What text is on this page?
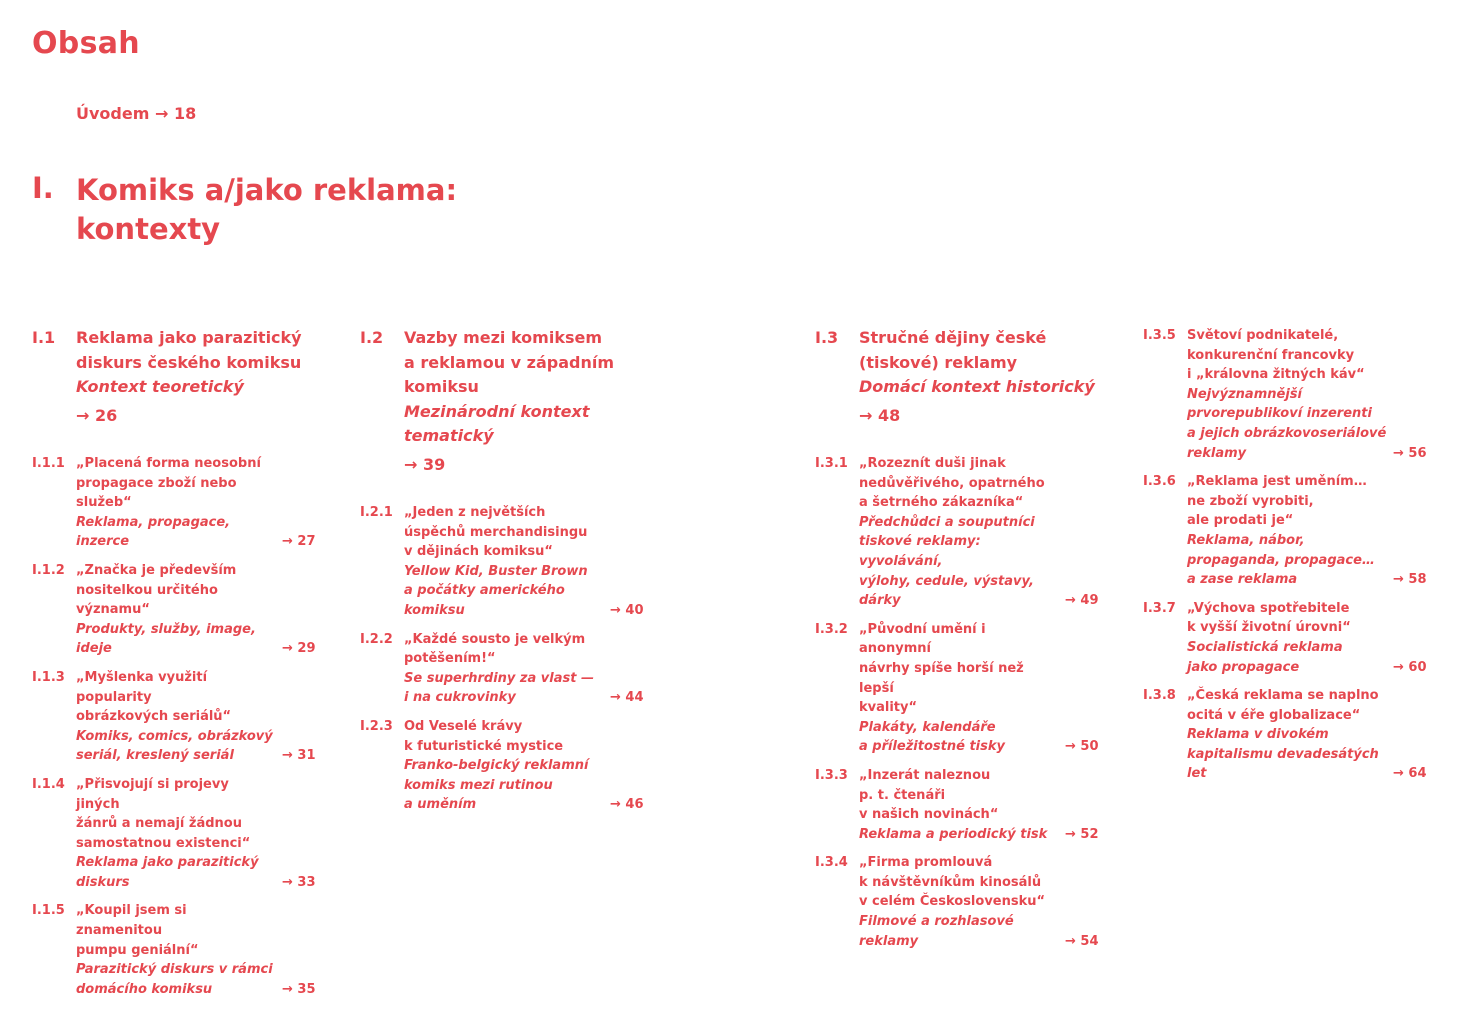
Obsah
Úvodem → 18
I. Komiks a/jako reklama:
kontexty
I.1 Reklama jako parazitický
diskurs českého komiksu
Kontext teoretický
→ 26
I.1.1 „Placená forma neosobní
propagace zboží nebo služeb“
Reklama, propagace,
inzerce	→ 27
I.1.2 „Značka je především
nositelkou určitého významu“
Produkty, služby, image,
ideje	→ 29
I.1.3 „Myšlenka využití popularity
obrázkových seriálů“
Komiks, comics, obrázkový
seriál, kreslený seriál	→ 31
I.1.4 „Přisvojují si projevy jiných
žánrů a nemají žádnou
samostatnou existenci“
Reklama jako parazitický
diskurs	→ 33
I.1.5 „Koupil jsem si znamenitou
pumpu geniální“
Parazitický diskurs v rámci
domácího komiksu	→ 35
I.2 Vazby mezi komiksem
a reklamou v západním
komiksu
Mezinárodní kontext
tematický
→ 39
I.2.1 „Jeden z největších
úspěchů merchandisingu
v dějinách komiksu“
Yellow Kid, Buster Brown
a počátky amerického
komiksu	→ 40
I.2.2 „Každé sousto je velkým
potěšením!“
Se superhrdiny za vlast —
i na cukrovinky	→ 44
I.2.3 Od Veselé krávy
k futuristické mystice
Franko-belgický reklamní
komiks mezi rutinou
a uměním	→ 46
I.3 Stručné dějiny české
(tiskové) reklamy
Domácí kontext historický
→ 48
I.3.1 „Rozeznít duši jinak
nedůvěřivého, opatrného
a šetrného zákazníka“
Předchůdci a souputníci
tiskové reklamy: vyvolávání,
výlohy, cedule, výstavy,
dárky	→ 49
I.3.2 „Původní umění i anonymní
návrhy spíše horší než lepší
kvality“
Plakáty, kalendáře
a příležitostné tisky	→ 50
I.3.3 „Inzerát naleznou
p. t. čtenáři
v našich novinách“
Reklama a periodický tisk	→ 52
I.3.4 „Firma promlouvá
k návštěvníkům kinosálů
v celém Československu“
Filmové a rozhlasové
reklamy	→ 54
I.3.5 Světoví podnikatelé,
konkurenční francovky
i „královna žitných káv“
Nejvýznamnější
prvorepublikoví inzerenti
a jejich obrázkovoseriálové
reklamy	→ 56
I.3.6 „Reklama jest uměním…
ne zboží vyrobiti,
ale prodati je“
Reklama, nábor,
propaganda, propagace…
a zase reklama	→ 58
I.3.7 „Výchova spotřebitele
k vyšší životní úrovni“
Socialistická reklama
jako propagace	→ 60
I.3.8 „Česká reklama se naplno
ocitá v éře globalizace“
Reklama v divokém
kapitalismu devadesátých
let	→ 64
